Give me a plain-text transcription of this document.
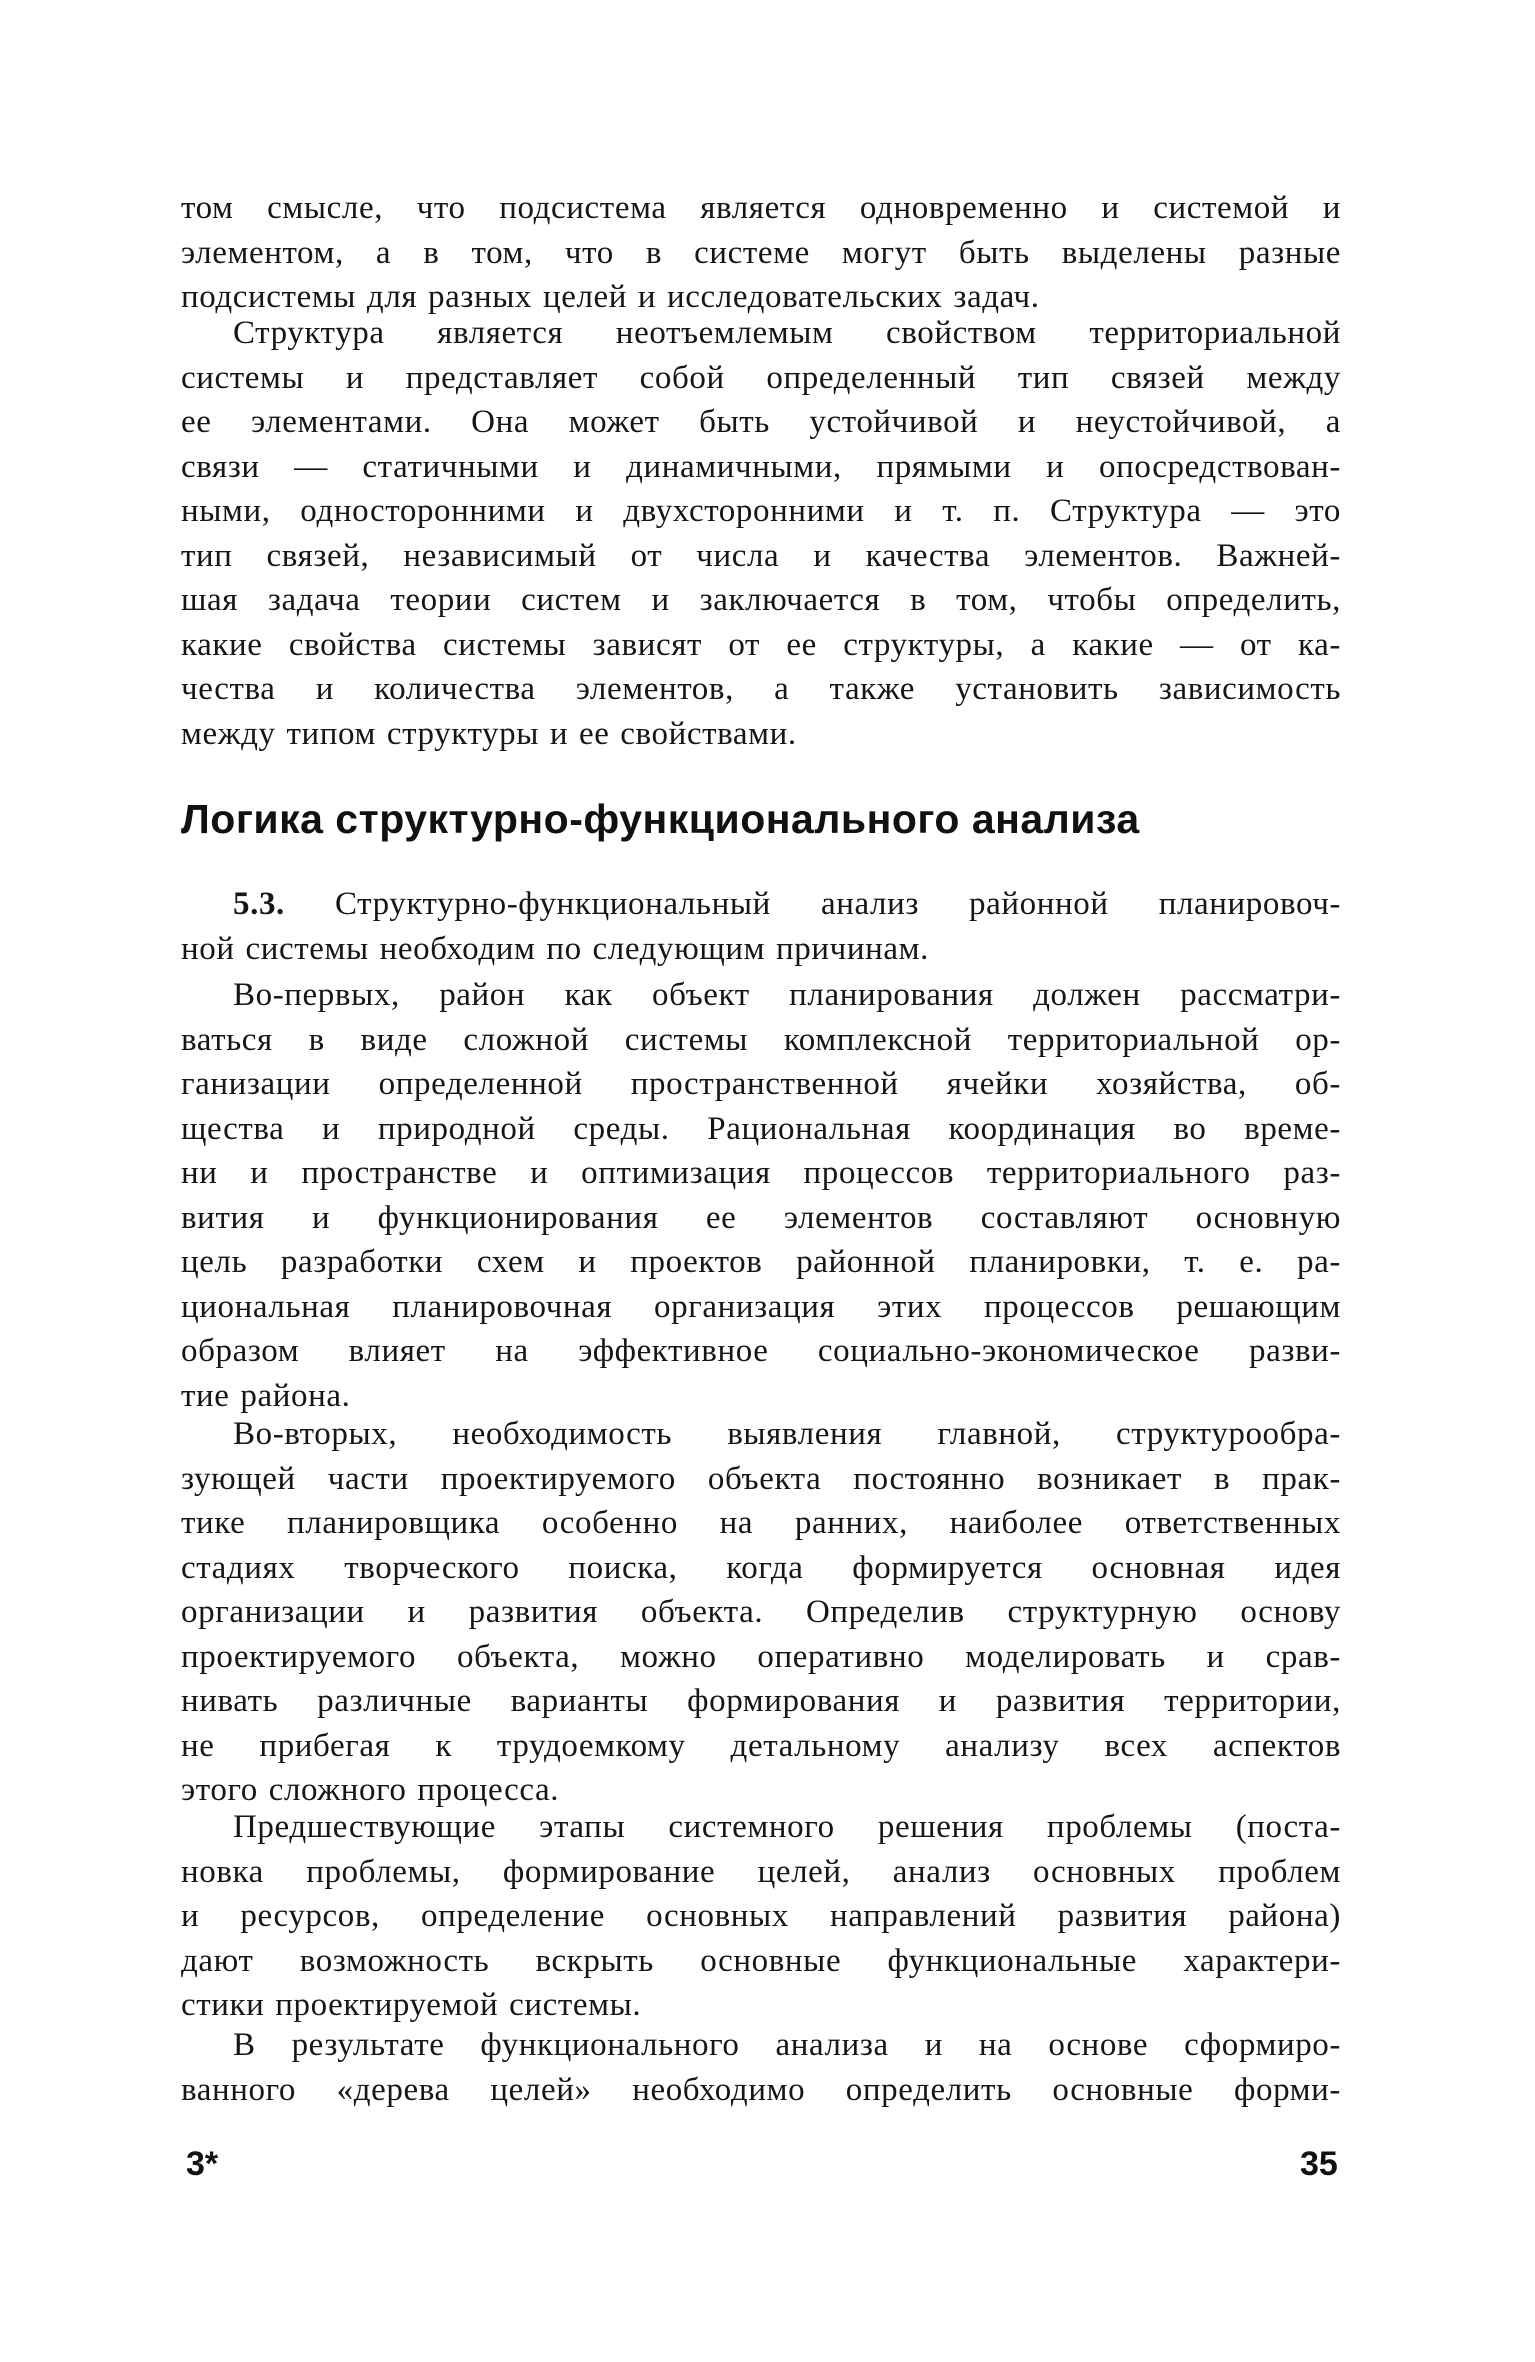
том смысле, что подсистема является одновременно и системой и
элементом, а в том, что в системе могут быть выделены разные
подсистемы для разных целей и исследовательских задач.

Структура является неотъемлемым свойством территориальной
системы и представляет собой определенный тип связей между
ее элементами. Она может быть устойчивой и неустойчивой, а
связи — статичными и динамичными, прямыми и опосредствован-
ными, односторонними и двухсторонними и т. п. Структура — это
тип связей, независимый от числа и качества элементов. Важней-
шая задача теории систем и заключается в том, чтобы определить,
какие свойства системы зависят от ее структуры, а какие — от ка-
чества и количества элементов, а также установить зависимость
между типом структуры и ее свойствами.

Логика структурно-функционального анализа

5.3. Структурно-функциональный анализ районной планировоч-
ной системы необходим по следующим причинам.

Во-первых, район как объект планирования должен рассматри-
ваться в виде сложной системы комплексной территориальной ор-
ганизации определенной пространственной ячейки хозяйства, об-
щества и природной среды. Рациональная координация во време-
ни и пространстве и оптимизация процессов территориального раз-
вития и функционирования ее элементов составляют основную
цель разработки схем и проектов районной планировки, т. е. ра-
циональная планировочная организация этих процессов решающим
образом влияет на эффективное социально-экономическое разви-
тие района.

Во-вторых, необходимость выявления главной, структурообра-
зующей части проектируемого объекта постоянно возникает в прак-
тике планировщика особенно на ранних, наиболее ответственных
стадиях творческого поиска, когда формируется основная идея
организации и развития объекта. Определив структурную основу
проектируемого объекта, можно оперативно моделировать и срав-
нивать различные варианты формирования и развития территории,
не прибегая к трудоемкому детальному анализу всех аспектов
этого сложного процесса.

Предшествующие этапы системного решения проблемы (поста-
новка проблемы, формирование целей, анализ основных проблем
и ресурсов, определение основных направлений развития района)
дают возможность вскрыть основные функциональные характери-
стики проектируемой системы.

В результате функционального анализа и на основе сформиро-
ванного «дерева целей» необходимо определить основные форми-

3*	35
